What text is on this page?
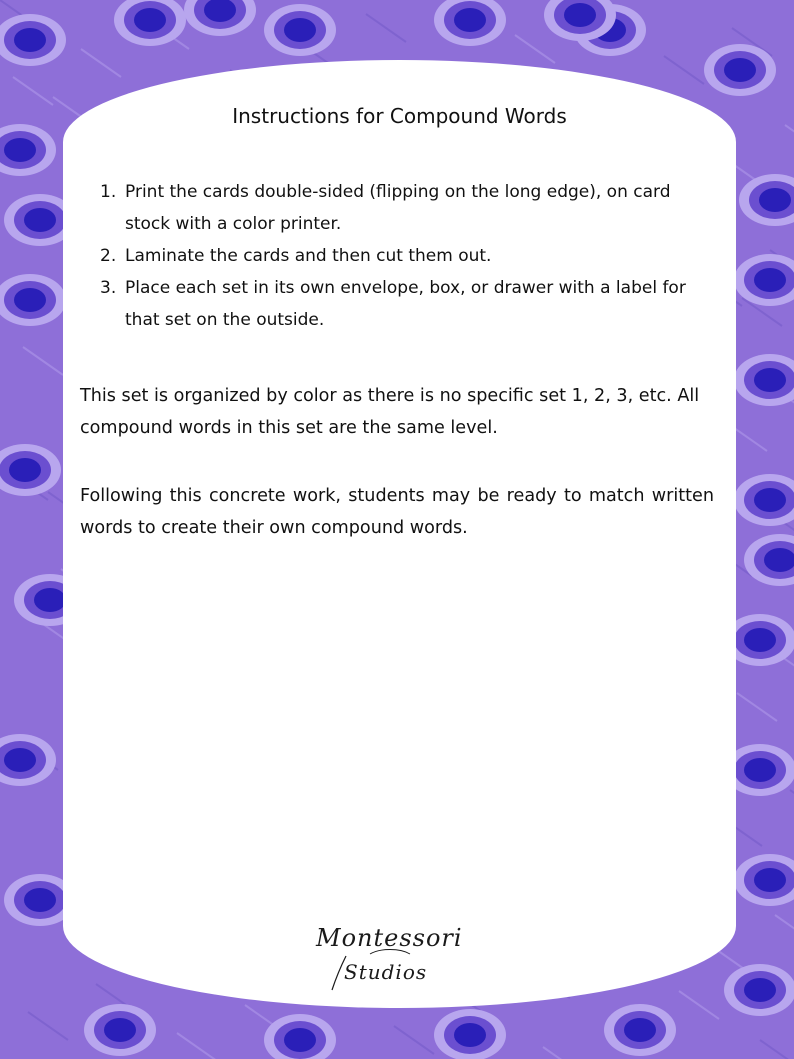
Instructions for Compound Words
1. Print the cards double-sided (flipping on the long edge), on card stock with a color printer.
2. Laminate the cards and then cut them out.
3. Place each set in its own envelope, box, or drawer with a label for that set on the outside.

This set is organized by color as there is no specific set 1, 2, 3, etc. All compound words in this set are the same level.

Following this concrete work, students may be ready to match written words to create their own compound words.

Montessori
Studios
